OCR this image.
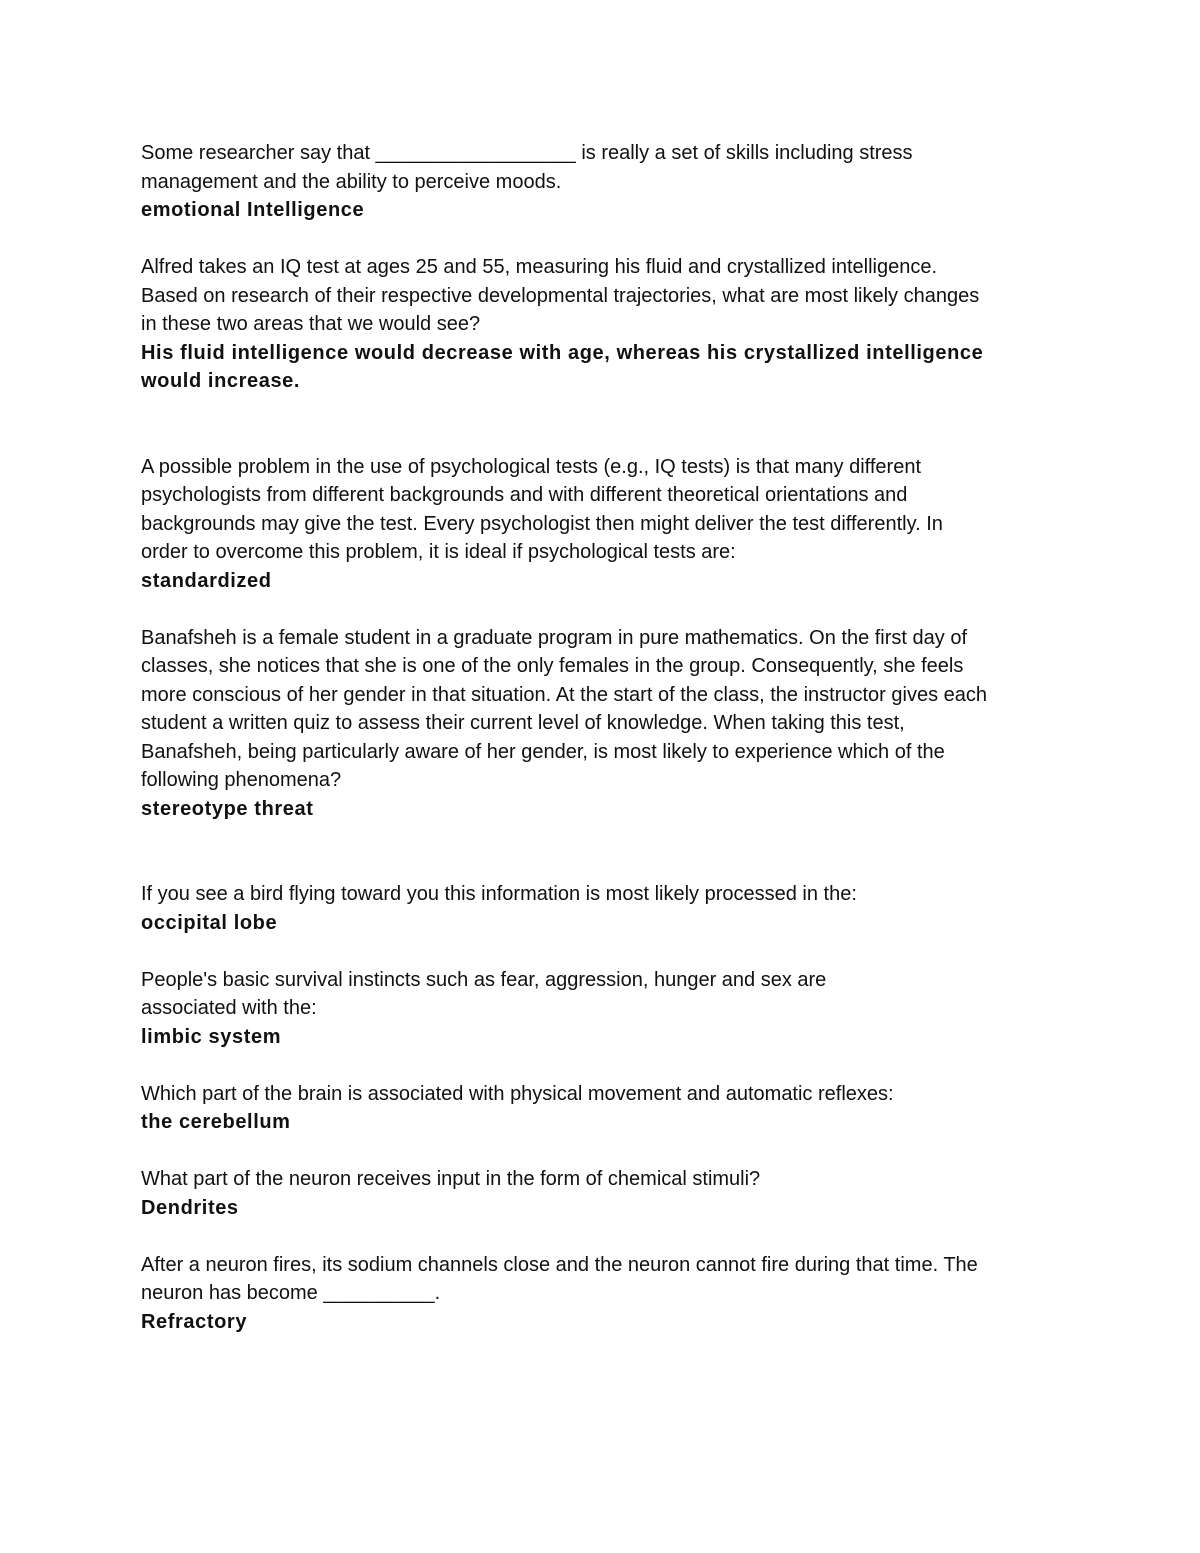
Some researcher say that __________________ is really a set of skills including stress
management and the ability to perceive moods.

emotional Intelligence

Alfred takes an IQ test at ages 25 and 55, measuring his fluid and crystallized intelligence.
Based on research of their respective developmental trajectories, what are most likely changes
in these two areas that we would see?

His fluid intelligence would decrease with age, whereas his crystallized intelligence
would increase.

A possible problem in the use of psychological tests (e.g., IQ tests) is that many different
psychologists from different backgrounds and with different theoretical orientations and
backgrounds may give the test. Every psychologist then might deliver the test differently. In
order to overcome this problem, it is ideal if psychological tests are:

standardized

Banafsheh is a female student in a graduate program in pure mathematics. On the first day of
classes, she notices that she is one of the only females in the group. Consequently, she feels
more conscious of her gender in that situation. At the start of the class, the instructor gives each
student a written quiz to assess their current level of knowledge. When taking this test,
Banafsheh, being particularly aware of her gender, is most likely to experience which of the
following phenomena?

stereotype threat

If you see a bird flying toward you this information is most likely processed in the:

occipital lobe

People's basic survival instincts such as fear, aggression, hunger and sex are
associated with the:

limbic system

Which part of the brain is associated with physical movement and automatic reflexes:

the cerebellum

What part of the neuron receives input in the form of chemical stimuli?

Dendrites

After a neuron fires, its sodium channels close and the neuron cannot fire during that time. The
neuron has become __________.

Refractory
